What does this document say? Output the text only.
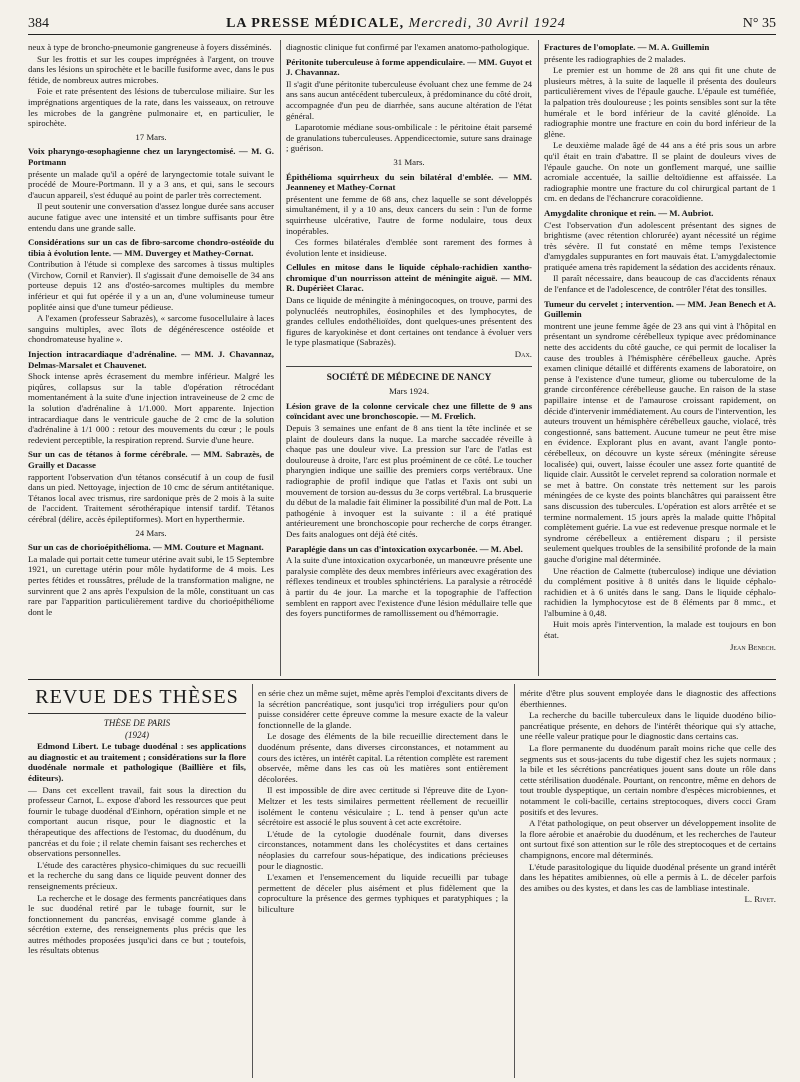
384	LA PRESSE MÉDICALE, Mercredi, 30 Avril 1924	N° 35

neux à type de broncho-pneumonie gangreneuse à foyers disséminés.

Sur les frottis et sur les coupes imprégnées à l'argent, on trouve dans les lésions un spirochète et le bacille fusiforme avec, dans le pus fétide, de nombreux autres microbes.

Foie et rate présentent des lésions de tuberculose miliaire. Sur les imprégnations argentiques de la rate, dans les vaisseaux, on retrouve les microbes de la gangrène pulmonaire et, en particulier, le spirochète.

17 Mars.

Voix pharyngo-œsophagienne chez un laryngectomisé. — M. G. Portmann

présente un malade qu'il a opéré de laryngectomie totale suivant le procédé de Moure-Portmann. Il y a 3 ans, et qui, sans le secours d'aucun appareil, s'est éduqué au point de parler très correctement.

Il peut soutenir une conversation d'assez longue durée sans accuser aucune fatigue avec une intensité et un timbre suffisants pour être entendu dans une grande salle.

Considérations sur un cas de fibro-sarcome chondro-ostéoïde du tibia à évolution lente. — MM. Duvergey et Mathey-Cornat.

Contribution à l'étude si complexe des sarcomes à tissus multiples (Virchow, Cornil et Ranvier). Il s'agissait d'une demoiselle de 34 ans porteuse depuis 12 ans d'ostéo-sarcomes multiples du membre inférieur et qui fut opérée il y a un an, d'une volumineuse tumeur poplitée ainsi que d'une tumeur pédieuse.

A l'examen (professeur Sabrazès), « sarcome fusocellulaire à laces sanguins multiples, avec îlots de dégénérescence ostéoïde et chondromateuse hyaline ».

Injection intracardiaque d'adrénaline. — MM. J. Chavannaz, Delmas-Marsalet et Chauvenet.

Shock intense après écrasement du membre inférieur. Malgré les piqûres, collapsus sur la table d'opération rétrocédant momentanément à la suite d'une injection intraveineuse de 2 cmc de la solution d'adrénaline à 1/1.000. Mort apparente. Injection intracardiaque dans le ventricule gauche de 2 cmc de la solution d'adrénaline à 1/1 000 : retour des mouvements du cœur ; le pouls redevient perceptible, la respiration reprend. Survie d'une heure.

Sur un cas de tétanos à forme cérébrale. — MM. Sabrazès, de Grailly et Dacasse

rapportent l'observation d'un tétanos consécutif à un coup de fusil dans un pied. Nettoyage, injection de 10 cmc de sérum antitétanique. Tétanos local avec trismus, rire sardonique près de 2 mois à la suite de l'accident. Traitement sérothérapique intensif tardif. Tétanos cérébral (délire, accès épileptiformes). Mort en hyperthermie.

24 Mars.

Sur un cas de chorioépithélioma. — MM. Couture et Magnant.

La malade qui portait cette tumeur utérine avait subi, le 15 Septembre 1921, un curettage utérin pour môle hydatiforme de 4 mois. Les pertes fétides et roussâtres, prélude de la transformation maligne, ne survinrent que 2 ans après l'expulsion de la môle, constituant un cas rare par l'apparition particulièrement tardive du chorioépithéliome dont le

diagnostic clinique fut confirmé par l'examen anatomo-pathologique.

Péritonite tuberculeuse à forme appendiculaire. — MM. Guyot et J. Chavannaz.

Il s'agit d'une péritonite tuberculeuse évoluant chez une femme de 24 ans sans aucun antécédent tuberculeux, à prédominance du côté droit, accompagnée d'un peu de diarrhée, sans aucune altération de l'état général.

Laparotomie médiane sous-ombilicale : le péritoine était parsemé de granulations tuberculeuses. Appendicectomie, suture sans drainage ; guérison.

31 Mars.

Épithélioma squirrheux du sein bilatéral d'emblée. — MM. Jeanneney et Mathey-Cornat

présentent une femme de 68 ans, chez laquelle se sont développés simultanément, il y a 10 ans, deux cancers du sein : l'un de forme squirrheuse ulcérative, l'autre de forme nodulaire, tous deux inopérables.

Ces formes bilatérales d'emblée sont rarement des formes à évolution lente et insidieuse.

Cellules en mitose dans le liquide céphalo-rachidien xantho-chromique d'un nourrisson atteint de méningite aiguë. — MM. R. Dupérièet Clarac.

Dans ce liquide de méningite à méningocoques, on trouve, parmi des polynucléés neutrophiles, éosinophiles et des lymphocytes, de grandes cellules endothélioïdes, dont quelques-unes présentent des figures de karyokinèse et dont certaines ont tendance à évoluer vers le type plasmatique (Sabrazès).

Dax.

SOCIÉTÉ DE MÉDECINE DE NANCY

Mars 1924.

Lésion grave de la colonne cervicale chez une fillette de 9 ans coïncidant avec une bronchoscopie. — M. Frœlich.

Depuis 3 semaines une enfant de 8 ans tient la tête inclinée et se plaint de douleurs dans la nuque. La marche saccadée réveille à chaque pas une douleur vive. La pression sur l'arc de l'atlas est douloureuse à droite, l'arc est plus proéminent de ce côté. Le toucher pharyngien indique une saillie des premiers corps vertébraux. Une radiographie de profil indique que l'atlas et l'axis ont subi un mouvement de torsion au-dessus du 3e corps vertébral. La brusquerie du début de la maladie fait éliminer la possibilité d'un mal de Pott. La pathogénie à invoquer est la suivante : il a été pratiqué antérieurement une bronchoscopie pour recherche de corps étranger. Des faits analogues ont déjà été cités.

Paraplégie dans un cas d'intoxication oxycarbonée. — M. Abel.

A la suite d'une intoxication oxycarbonée, un manœuvre présente une paralysie complète des deux membres inférieurs avec exagération des réflexes tendineux et troubles sphinctériens. La paralysie a rétrocédé à partir du 4e jour. La marche et la topographie de l'affection semblent en rapport avec l'existence d'une lésion médullaire telle que des foyers punctiformes de ramollissement ou d'hémorragie.

Fractures de l'omoplate. — M. A. Guillemin

présente les radiographies de 2 malades.

Le premier est un homme de 28 ans qui fit une chute de plusieurs mètres, à la suite de laquelle il présenta des douleurs particulièrement vives de l'épaule gauche. L'épaule est tuméfiée, la palpation très douloureuse ; les points sensibles sont sur la tête humérale et le bord inférieur de la cavité glénoïde. La radiographie montre une fracture en coin du bord inférieur de la glène.

Le deuxième malade âgé de 44 ans a été pris sous un arbre qu'il était en train d'abattre. Il se plaint de douleurs vives de l'épaule gauche. On note un gonflement marqué, une saillie acromiale accentuée, la saillie deltoïdienne est affaissée. La radiographie montre une fracture du col chirurgical partant de 1 cm. en dedans de l'échancrure coracoïdienne.

Amygdalite chronique et rein. — M. Aubriot.

C'est l'observation d'un adolescent présentant des signes de brightisme (avec rétention chlorurée) ayant nécessité un régime très sévère. Il fut constaté en même temps l'existence d'amygdales suppurantes en fort mauvais état. L'amygdalectomie pratiquée amena très rapidement la sédation des accidents rénaux.

Il paraît nécessaire, dans beaucoup de cas d'accidents rénaux de l'enfance et de l'adolescence, de contrôler l'état des tonsilles.

Tumeur du cervelet ; intervention. — MM. Jean Benech et A. Guillemin

montrent une jeune femme âgée de 23 ans qui vint à l'hôpital en présentant un syndrome cérébelleux typique avec prédominance nette des accidents du côté gauche, ce qui permit de localiser la cause des troubles à l'hémisphère cérébelleux gauche. Après examen clinique détaillé et différents examens de laboratoire, on pense à l'existence d'une tumeur, gliome ou tuberculome de la grande circonférence cérébelleuse gauche. En raison de la stase papillaire intense et de l'amaurose croissant rapidement, on décide d'intervenir immédiatement. Au cours de l'intervention, les auteurs trouvent un hémisphère cérébelleux gauche, violacé, très congestionné, sans battement. Aucune tumeur ne peut être mise en évidence. Explorant plus en avant, avant l'angle ponto-cérébelleux, on découvre un kyste séreux (méningite séreuse localisée) qui, ouvert, laisse écouler une assez forte quantité de liquide clair. Aussitôt le cervelet reprend sa coloration normale et se met à battre. On constate très nettement sur les parois méningées de ce kyste des points blanchâtres qui paraissent être sans discussion des tubercules. L'opération est alors arrêtée et se termine normalement. 15 jours après la malade quitte l'hôpital complètement guérie. La vue est redevenue presque normale et le syndrome cérébelleux a entièrement disparu ; il persiste seulement quelques troubles de la sensibilité profonde de la main gauche d'origine mal déterminée.

Une réaction de Calmette (tuberculose) indique une déviation du complément positive à 8 unités dans le liquide céphalo-rachidien et à 6 unités dans le sang. Dans le liquide céphalo-rachidien la lymphocytose est de 8 éléments par 8 mmc., et l'albumine à 0,48.

Huit mois après l'intervention, la malade est toujours en bon état.

Jean Benech.

REVUE DES THÈSES

THÈSE DE PARIS

(1924)

Edmond Libert. Le tubage duodénal : ses applications au diagnostic et au traitement ; considérations sur la flore duodénale normale et pathologique (Baillière et fils, éditeurs).

— Dans cet excellent travail, fait sous la direction du professeur Carnot, L. expose d'abord les ressources que peut fournir le tubage duodénal d'Einhorn, opération simple et ne comportant aucun risque, pour le diagnostic et la thérapeutique des affections de l'estomac, du duodénum, du pancréas et du foie ; il relate chemin faisant ses recherches et observations personnelles.

L'étude des caractères physico-chimiques du suc recueilli et la recherche du sang dans ce liquide peuvent donner des renseignements précieux.

La recherche et le dosage des ferments pancréatiques dans le suc duodénal retiré par le tubage fournit, sur le fonctionnement du pancréas, envisagé comme glande à sécrétion externe, des renseignements plus précis que les autres méthodes proposées jusqu'ici dans ce but ; toutefois, les résultats obtenus

en série chez un même sujet, même après l'emploi d'excitants divers de la sécrétion pancréatique, sont jusqu'ici trop irréguliers pour qu'on puisse considérer cette épreuve comme la mesure exacte de la valeur fonctionnelle de la glande.

Le dosage des éléments de la bile recueillie directement dans le duodénum présente, dans diverses circonstances, et notamment au cours des ictères, un intérêt capital. La rétention complète est rarement observée, même dans les cas où les matières sont entièrement décolorées.

Il est impossible de dire avec certitude si l'épreuve dite de Lyon-Meltzer et les tests similaires permettent réellement de recueillir isolément le contenu vésiculaire ; L. tend à penser qu'un acte sécrétoire est associé le plus souvent à cet acte excrétoire.

L'étude de la cytologie duodénale fournit, dans diverses circonstances, notamment dans les cholécystites et dans certaines néoplasies du carrefour sous-hépatique, des indications précieuses pour le diagnostic.

L'examen et l'ensemencement du liquide recueilli par tubage permettent de déceler plus aisément et plus fidèlement que la coproculture la présence des germes typhiques et paratyphiques ; la biliculture

mérite d'être plus souvent employée dans le diagnostic des affections éberthiennes.

La recherche du bacille tuberculeux dans le liquide duodéno bilio-pancréatique présente, en dehors de l'intérêt théorique qui s'y attache, une réelle valeur pratique pour le diagnostic dans certains cas.

La flore permanente du duodénum paraît moins riche que celle des segments sus et sous-jacents du tube digestif chez les sujets normaux ; la bile et les sécrétions pancréatiques jouent sans doute un rôle dans cette stérilisation duodénale. Pourtant, on rencontre, même en dehors de tout trouble dyspeptique, un certain nombre d'espèces microbiennes, et notamment le coli-bacille, certains streptocoques, divers cocci Gram positifs et des levures.

A l'état pathologique, on peut observer un développement insolite de la flore aérobie et anaérobie du duodénum, et les recherches de l'auteur ont surtout fixé son attention sur le rôle des streptocoques et de certains champignons, encore mal déterminés.

L'étude parasitologique du liquide duodénal présente un grand intérêt dans les hépatites amibiennes, où elle a permis à L. de déceler parfois des amibes ou des kystes, et dans les cas de lambliase intestinale.

L. Rivet.
